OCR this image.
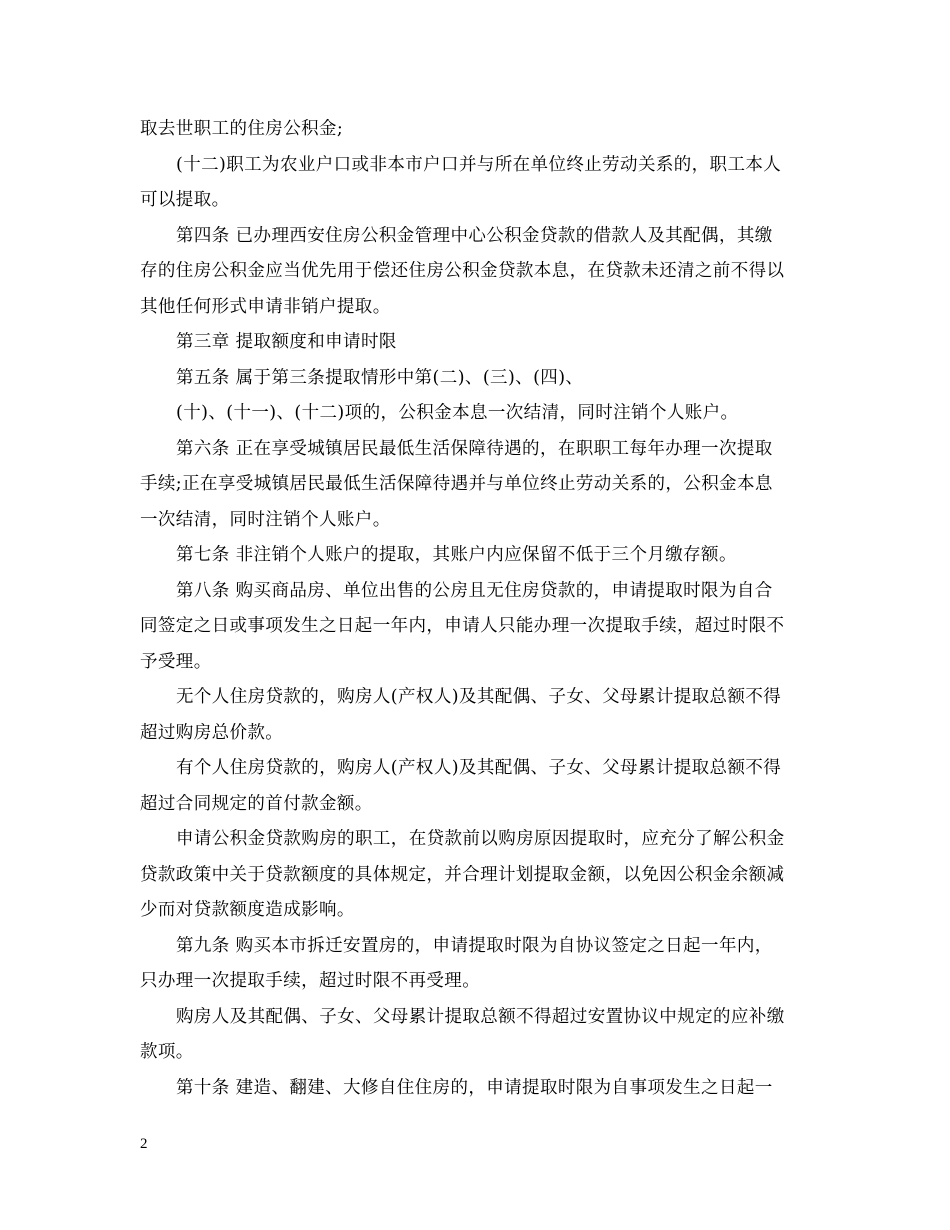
取去世职工的住房公积金;
(十二)职工为农业户口或非本市户口并与所在单位终止劳动关系的，职工本人
可以提取。
第四条 已办理西安住房公积金管理中心公积金贷款的借款人及其配偶，其缴
存的住房公积金应当优先用于偿还住房公积金贷款本息，在贷款未还清之前不得以
其他任何形式申请非销户提取。
第三章 提取额度和申请时限
第五条 属于第三条提取情形中第(二)、(三)、(四)、
(十)、(十一)、(十二)项的，公积金本息一次结清，同时注销个人账户。
第六条 正在享受城镇居民最低生活保障待遇的，在职职工每年办理一次提取
手续;正在享受城镇居民最低生活保障待遇并与单位终止劳动关系的，公积金本息
一次结清，同时注销个人账户。
第七条 非注销个人账户的提取，其账户内应保留不低于三个月缴存额。
第八条 购买商品房、单位出售的公房且无住房贷款的，申请提取时限为自合
同签定之日或事项发生之日起一年内，申请人只能办理一次提取手续，超过时限不
予受理。
无个人住房贷款的，购房人(产权人)及其配偶、子女、父母累计提取总额不得
超过购房总价款。
有个人住房贷款的，购房人(产权人)及其配偶、子女、父母累计提取总额不得
超过合同规定的首付款金额。
申请公积金贷款购房的职工，在贷款前以购房原因提取时，应充分了解公积金
贷款政策中关于贷款额度的具体规定，并合理计划提取金额，以免因公积金余额减
少而对贷款额度造成影响。
第九条 购买本市拆迁安置房的，申请提取时限为自协议签定之日起一年内，
只办理一次提取手续，超过时限不再受理。
购房人及其配偶、子女、父母累计提取总额不得超过安置协议中规定的应补缴
款项。
第十条 建造、翻建、大修自住住房的，申请提取时限为自事项发生之日起一
2
